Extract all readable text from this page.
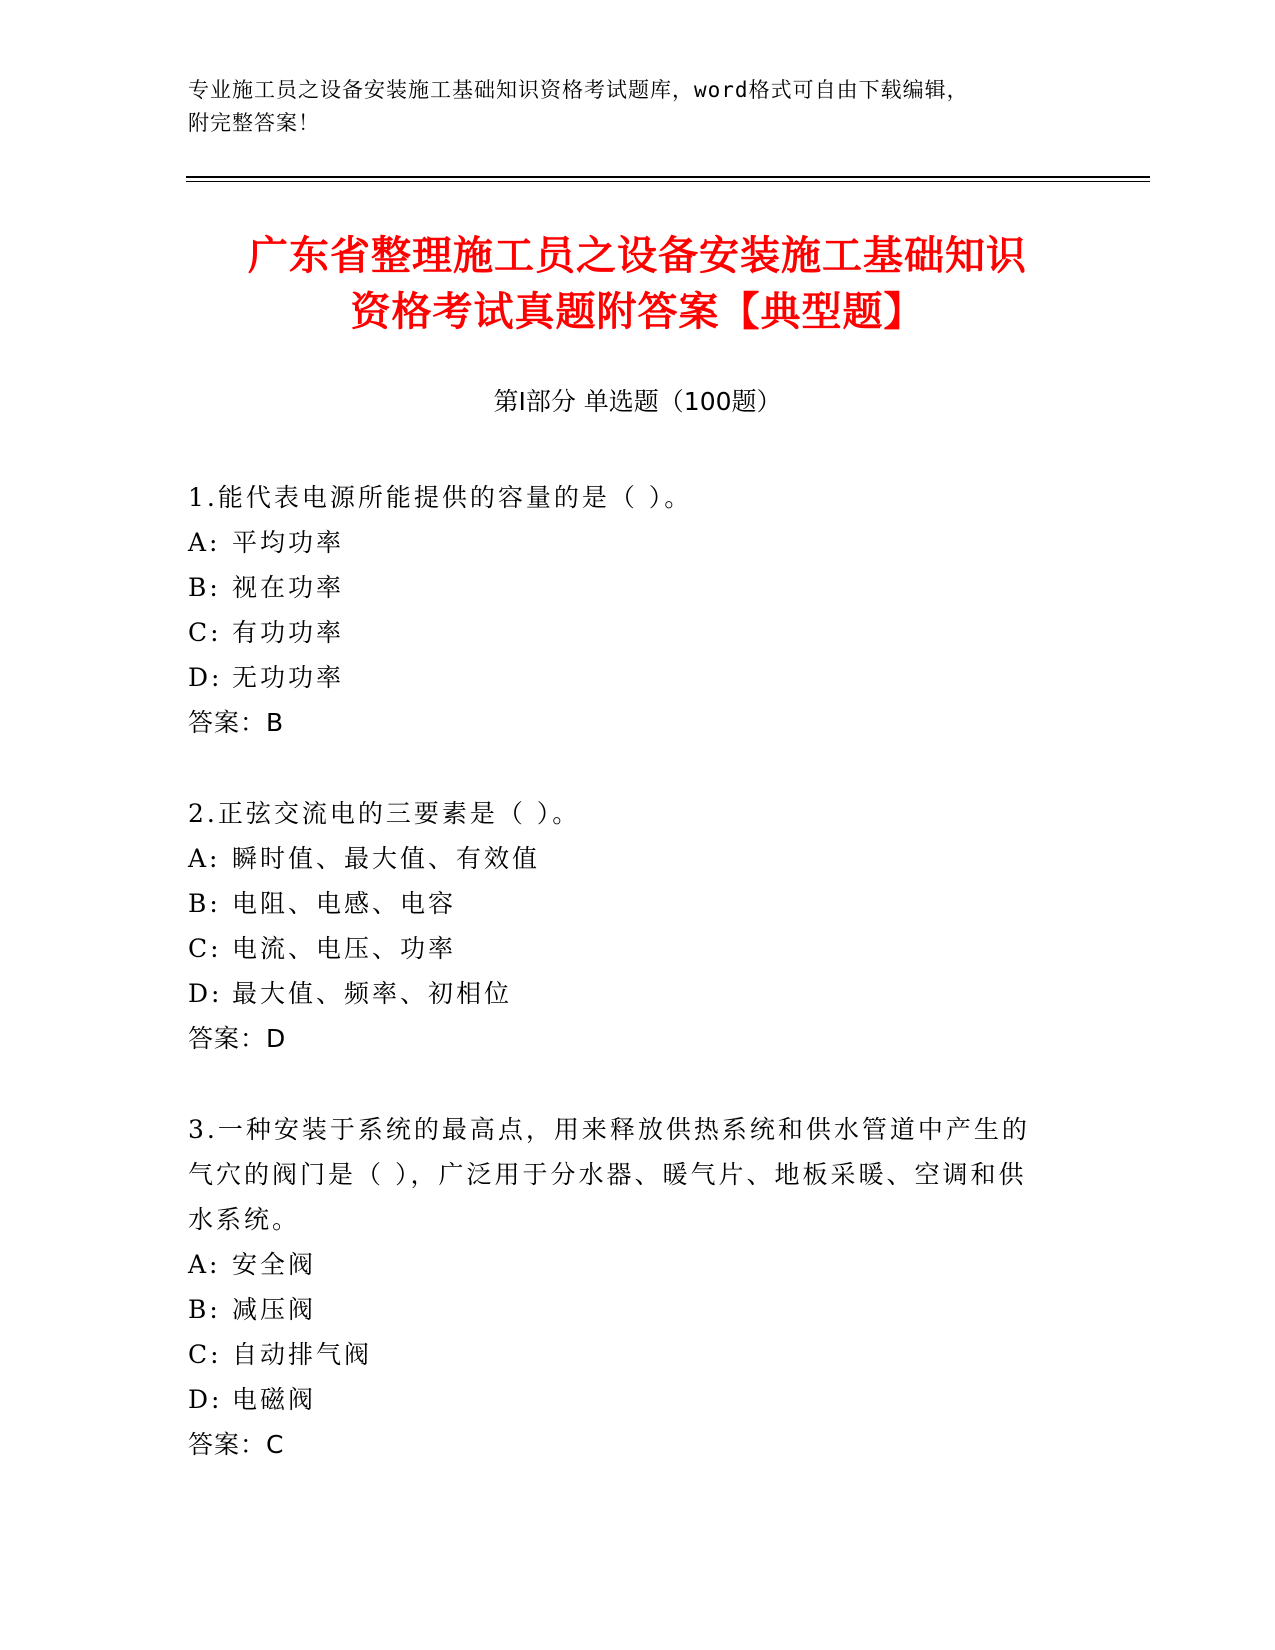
专业施工员之设备安装施工基础知识资格考试题库，word格式可自由下载编辑，
附完整答案！
广东省整理施工员之设备安装施工基础知识
资格考试真题附答案【典型题】
第Ⅰ部分 单选题（100题）

1.能代表电源所能提供的容量的是（ ）。

A: 平均功率

B: 视在功率

C: 有功功率

D: 无功功率

答案：B

2.正弦交流电的三要素是（ ）。

A: 瞬时值、最大值、有效值

B: 电阻、电感、电容

C: 电流、电压、功率

D: 最大值、频率、初相位

答案：D

3.一种安装于系统的最高点，用来释放供热系统和供水管道中产生的

气穴的阀门是（ ），广泛用于分水器、暖气片、地板采暖、空调和供

水系统。

A: 安全阀

B: 减压阀

C: 自动排气阀

D: 电磁阀

答案：C
